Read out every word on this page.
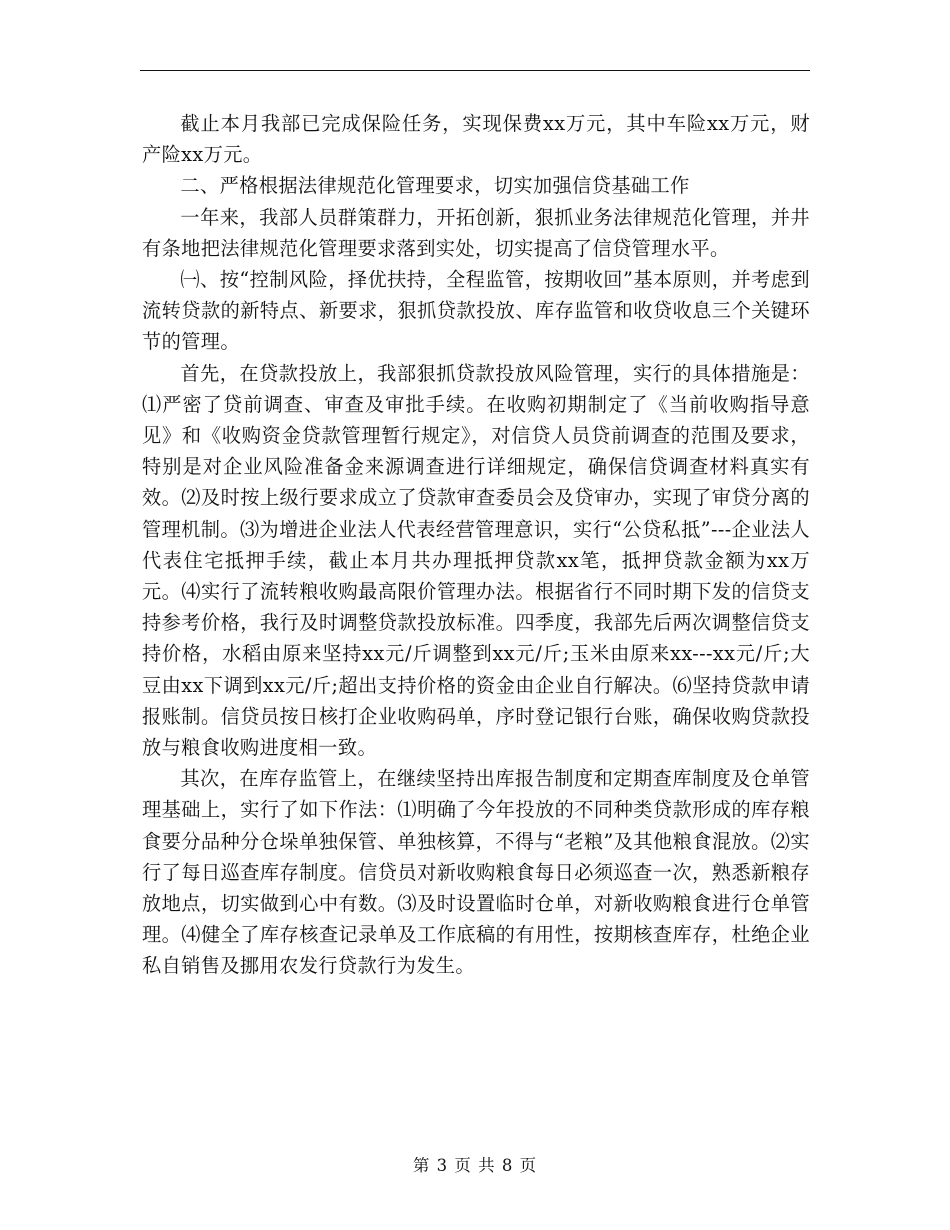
截止本月我部已完成保险任务，实现保费xx万元，其中车险xx万元，财产险xx万元。

二、严格根据法律规范化管理要求，切实加强信贷基础工作

一年来，我部人员群策群力，开拓创新，狠抓业务法律规范化管理，并井有条地把法律规范化管理要求落到实处，切实提高了信贷管理水平。

㈠、按“控制风险，择优扶持，全程监管，按期收回”基本原则，并考虑到流转贷款的新特点、新要求，狠抓贷款投放、库存监管和收贷收息三个关键环节的管理。

首先，在贷款投放上，我部狠抓贷款投放风险管理，实行的具体措施是：⑴严密了贷前调查、审查及审批手续。在收购初期制定了《当前收购指导意见》和《收购资金贷款管理暂行规定》，对信贷人员贷前调查的范围及要求，特别是对企业风险准备金来源调查进行详细规定，确保信贷调查材料真实有效。⑵及时按上级行要求成立了贷款审查委员会及贷审办，实现了审贷分离的管理机制。⑶为增进企业法人代表经营管理意识，实行“公贷私抵”---企业法人代表住宅抵押手续，截止本月共办理抵押贷款xx笔，抵押贷款金额为xx万元。⑷实行了流转粮收购最高限价管理办法。根据省行不同时期下发的信贷支持参考价格，我行及时调整贷款投放标准。四季度，我部先后两次调整信贷支持价格，水稻由原来坚持xx元/斤调整到xx元/斤;玉米由原来xx---xx元/斤;大豆由xx下调到xx元/斤;超出支持价格的资金由企业自行解决。⑹坚持贷款申请报账制。信贷员按日核打企业收购码单，序时登记银行台账，确保收购贷款投放与粮食收购进度相一致。

其次，在库存监管上，在继续坚持出库报告制度和定期查库制度及仓单管理基础上，实行了如下作法：⑴明确了今年投放的不同种类贷款形成的库存粮食要分品种分仓垛单独保管、单独核算，不得与“老粮”及其他粮食混放。⑵实行了每日巡查库存制度。信贷员对新收购粮食每日必须巡查一次，熟悉新粮存放地点，切实做到心中有数。⑶及时设置临时仓单，对新收购粮食进行仓单管理。⑷健全了库存核查记录单及工作底稿的有用性，按期核查库存，杜绝企业私自销售及挪用农发行贷款行为发生。

第 3 页 共 8 页
